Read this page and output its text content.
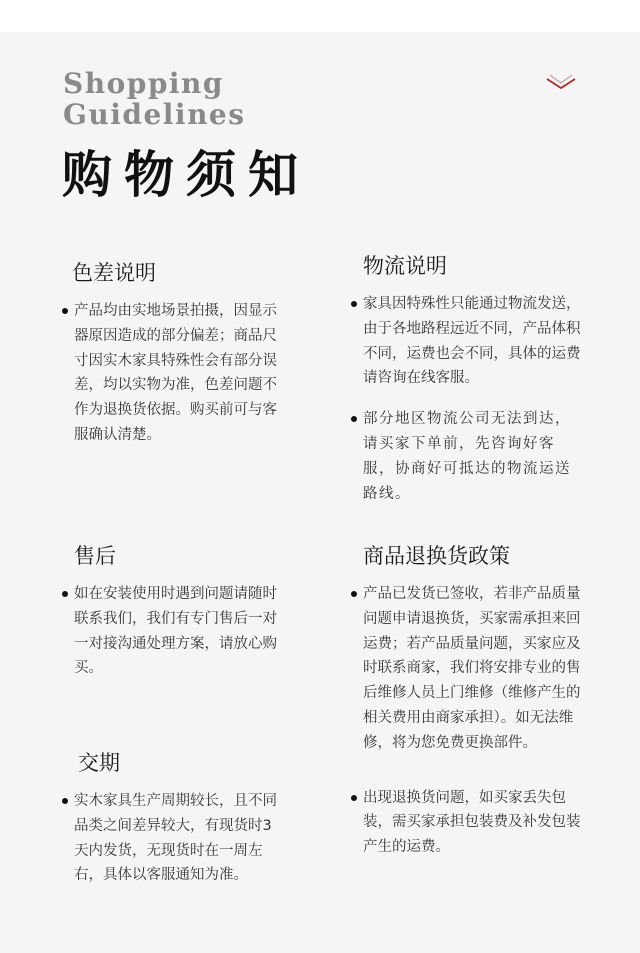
Shopping
Guidelines
购物须知
色差说明

产品均由实地场景拍摄，因显示器原因造成的部分偏差；商品尺寸因实木家具特殊性会有部分误差，均以实物为准，色差问题不作为退换货依据。购买前可与客服确认清楚。

物流说明

家具因特殊性只能通过物流发送，由于各地路程远近不同，产品体积不同，运费也会不同，具体的运费请咨询在线客服。

部分地区物流公司无法到达，请买家下单前，先咨询好客服，协商好可抵达的物流运送路线。

售后

如在安装使用时遇到问题请随时联系我们，我们有专门售后一对一对接沟通处理方案，请放心购买。

交期

实木家具生产周期较长，且不同品类之间差异较大，有现货时3天内发货，无现货时在一周左右，具体以客服通知为准。

商品退换货政策

产品已发货已签收，若非产品质量问题申请退换货，买家需承担来回运费；若产品质量问题，买家应及时联系商家，我们将安排专业的售后维修人员上门维修（维修产生的相关费用由商家承担）。如无法维修，将为您免费更换部件。

出现退换货问题，如买家丢失包装，需买家承担包装费及补发包装产生的运费。
